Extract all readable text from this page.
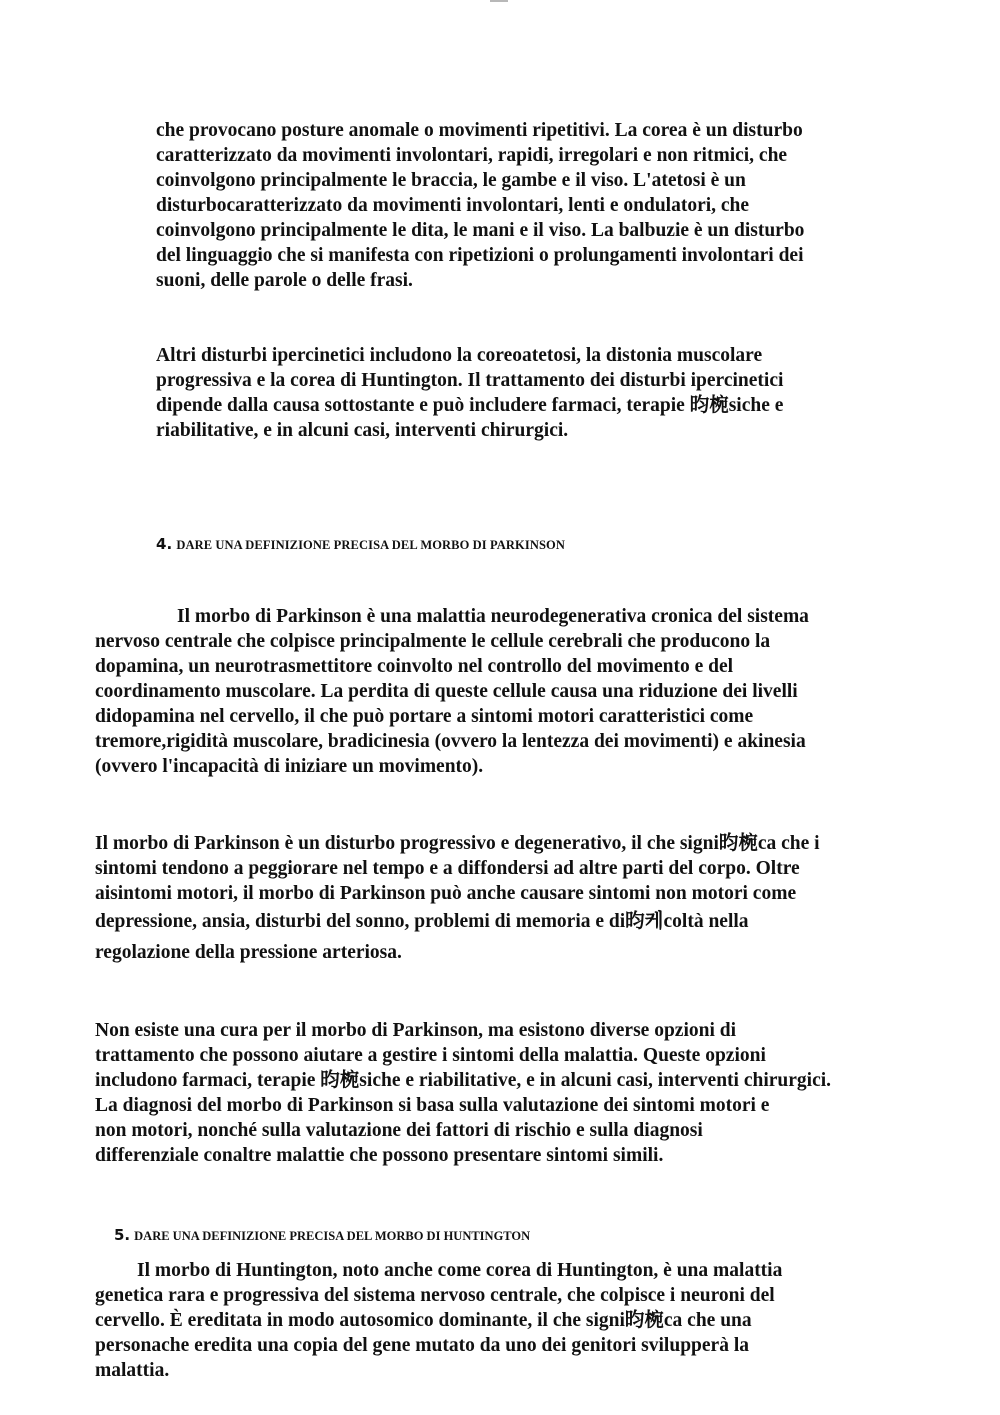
che provocano posture anomale o movimenti ripetitivi. La corea è un disturbo
caratterizzato da movimenti involontari, rapidi, irregolari e non ritmici, che
coinvolgono principalmente le braccia, le gambe e il viso. L'atetosi è un
disturbocaratterizzato da movimenti involontari, lenti e ondulatori, che
coinvolgono principalmente le dita, le mani e il viso. La balbuzie è un disturbo
del linguaggio che si manifesta con ripetizioni o prolungamenti involontari dei
suoni, delle parole o delle frasi.
Altri disturbi ipercinetici includono la coreoatetosi, la distonia muscolare
progressiva e la corea di Huntington. Il trattamento dei disturbi ipercinetici
dipende dalla causa sottostante e può includere farmaci, terapie 昀椀siche e
riabilitative, e in alcuni casi, interventi chirurgici.
4. DARE UNA DEFINIZIONE PRECISA DEL MORBO DI PARKINSON
Il morbo di Parkinson è una malattia neurodegenerativa cronica del sistema
nervoso centrale che colpisce principalmente le cellule cerebrali che producono la
dopamina, un neurotrasmettitore coinvolto nel controllo del movimento e del
coordinamento muscolare. La perdita di queste cellule causa una riduzione dei livelli
didopamina nel cervello, il che può portare a sintomi motori caratteristici come
tremore,rigidità muscolare, bradicinesia (ovvero la lentezza dei movimenti) e akinesia
(ovvero l'incapacità di iniziare un movimento).
Il morbo di Parkinson è un disturbo progressivo e degenerativo, il che signi昀椀ca che i
sintomi tendono a peggiorare nel tempo e a diffondersi ad altre parti del corpo. Oltre
aisintomi motori, il morbo di Parkinson può anche causare sintomi non motori come
depressione, ansia, disturbi del sonno, problemi di memoria e di昀케coltà nella
regolazione della pressione arteriosa.
Non esiste una cura per il morbo di Parkinson, ma esistono diverse opzioni di
trattamento che possono aiutare a gestire i sintomi della malattia. Queste opzioni
includono farmaci, terapie 昀椀siche e riabilitative, e in alcuni casi, interventi chirurgici.
La diagnosi del morbo di Parkinson si basa sulla valutazione dei sintomi motori e
non motori, nonché sulla valutazione dei fattori di rischio e sulla diagnosi
differenziale conaltre malattie che possono presentare sintomi simili.
5. DARE UNA DEFINIZIONE PRECISA DEL MORBO DI HUNTINGTON
Il morbo di Huntington, noto anche come corea di Huntington, è una malattia
genetica rara e progressiva del sistema nervoso centrale, che colpisce i neuroni del
cervello. È ereditata in modo autosomico dominante, il che signi昀椀ca che una
personache eredita una copia del gene mutato da uno dei genitori svilupperà la
malattia.
